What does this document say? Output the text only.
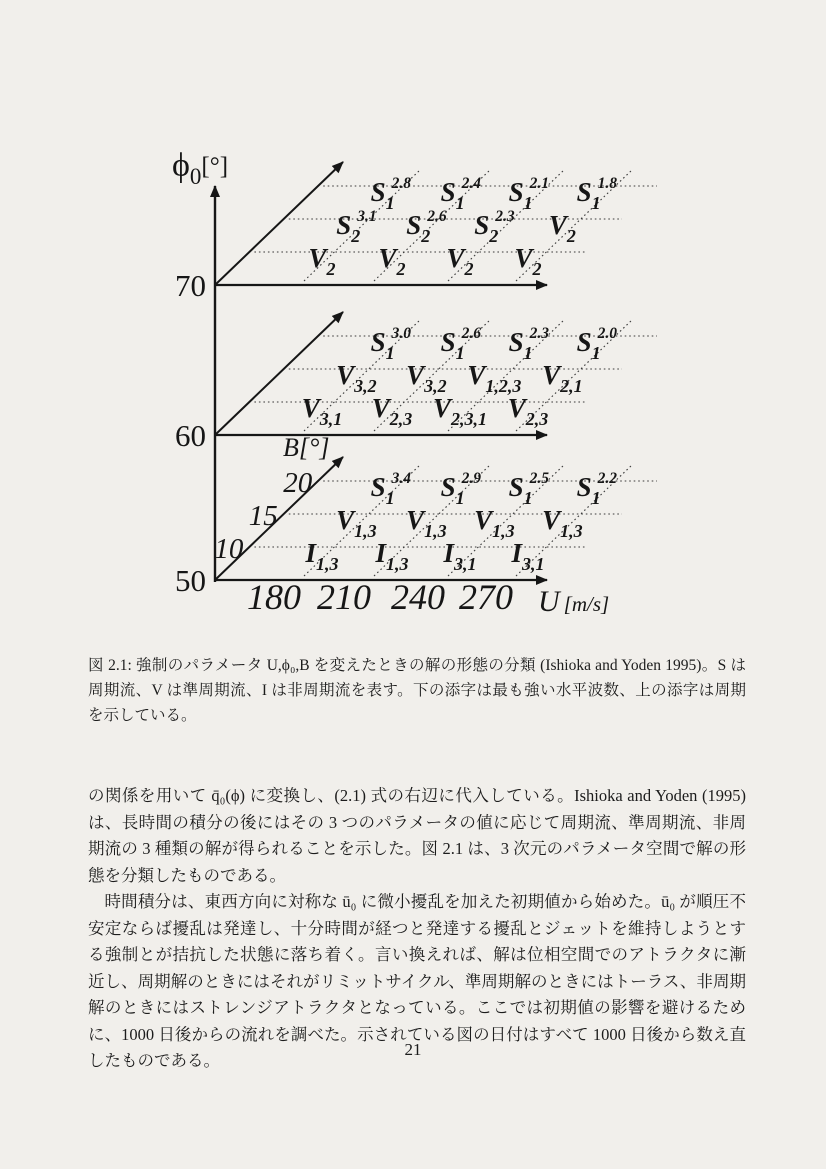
$\phi_0[^\circ]$
70
$S_12.8$ $S_12.4$ $S_12.1$ $S_11.8$
$S_23.1$ $S_22.6$ $S_22.3$ $V_2$
$V_2$ $V_2$ $V_2$ $V_2$
60
$S_13.0$ $S_12.6$ $S_12.3$ $S_12.0$
$V_{3,2}$ $V_{3,2}$ $V_{1,2,3}$ $V_{2,1}$
$V_{3,1}$ $V_{2,3}$ $V_{2,3,1}$ $V_{2,3}$
50
$S_13.4$ $S_12.9$ $S_12.5$ $S_12.2$
$V_{1,3}$ $V_{1,3}$ $V_{1,3}$ $V_{1,3}$
$I_{1,3}$ $I_{1,3}$ $I_{3,1}$ $I_{3,1}$
B[°]
20
15
10
180 210 240 270 U [m/s]

図 2.1: 強制のパラメータ U,ϕ₀,B を変えたときの解の形態の分類 (Ishioka and Yoden 1995)。S は周期流、V は準周期流、I は非周期流を表す。下の添字は最も強い水平波数、上の添字は周期を示している。

の関係を用いて q̄₀(ϕ) に変換し、(2.1) 式の右辺に代入している。Ishioka and Yoden (1995) は、長時間の積分の後にはその 3 つのパラメータの値に応じて周期流、準周期流、非周期流の 3 種類の解が得られることを示した。図 2.1 は、3 次元のパラメータ空間で解の形態を分類したものである。

時間積分は、東西方向に対称な ū₀ に微小擾乱を加えた初期値から始めた。ū₀ が順圧不安定ならば擾乱は発達し、十分時間が経つと発達する擾乱とジェットを維持しようとする強制とが拮抗した状態に落ち着く。言い換えれば、解は位相空間でのアトラクタに漸近し、周期解のときにはそれがリミットサイクル、準周期解のときにはトーラス、非周期解のときにはストレンジアトラクタとなっている。ここでは初期値の影響を避けるために、1000 日後からの流れを調べた。示されている図の日付はすべて 1000 日後から数え直したものである。

21
